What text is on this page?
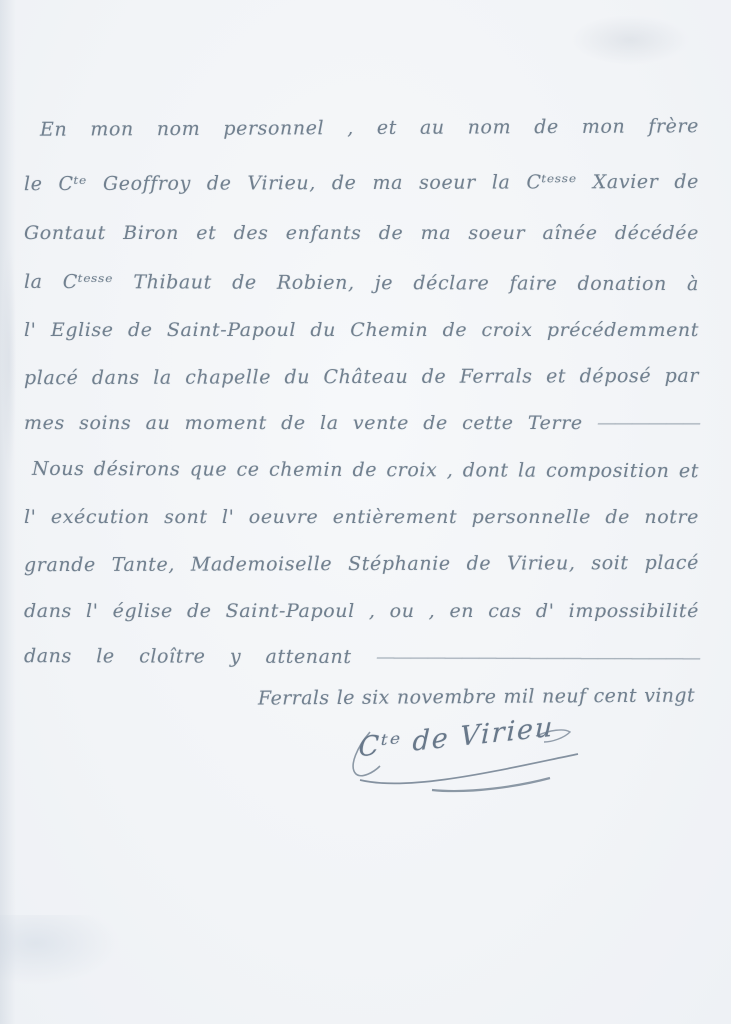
En mon nom personnel , et au nom de mon frère
le Cᵗᵉ Geoffroy de Virieu, de ma soeur la Cᵗᵉˢˢᵉ Xavier de
Gontaut Biron et des enfants de ma soeur aînée décédée
la Cᵗᵉˢˢᵉ Thibaut de Robien, je déclare faire donation à
l' Eglise de Saint-Papoul du Chemin de croix précédemment
placé dans la chapelle du Château de Ferrals et déposé par
mes soins au moment de la vente de cette Terre ——————
Nous désirons que ce chemin de croix , dont la composition et
l' exécution sont l' oeuvre entièrement personnelle de notre
grande Tante, Mademoiselle Stéphanie de Virieu, soit placé
dans l' église de Saint-Papoul , ou , en cas d' impossibilité
dans le cloître y attenant ———————————————————
Ferrals le six novembre mil neuf cent vingt
Cᵗᵉ de Virieu
